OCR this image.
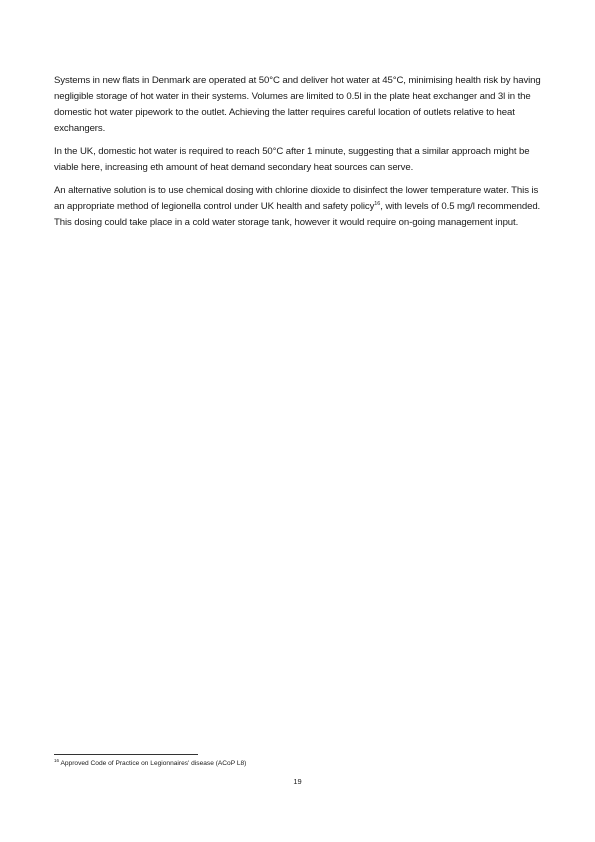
Systems in new flats in Denmark are operated at 50°C and deliver hot water at 45°C, minimising health risk by having negligible storage of hot water in their systems. Volumes are limited to 0.5l in the plate heat exchanger and 3l in the domestic hot water pipework to the outlet. Achieving the latter requires careful location of outlets relative to heat exchangers.

In the UK, domestic hot water is required to reach 50°C after 1 minute, suggesting that a similar approach might be viable here, increasing eth amount of heat demand secondary heat sources can serve.

An alternative solution is to use chemical dosing with chlorine dioxide to disinfect the lower temperature water. This is an appropriate method of legionella control under UK health and safety policy$^{16}$, with levels of 0.5 mg/l recommended. This dosing could take place in a cold water storage tank, however it would require on-going management input.

$^{16}$ Approved Code of Practice on Legionnaires' disease (ACoP L8)
19
